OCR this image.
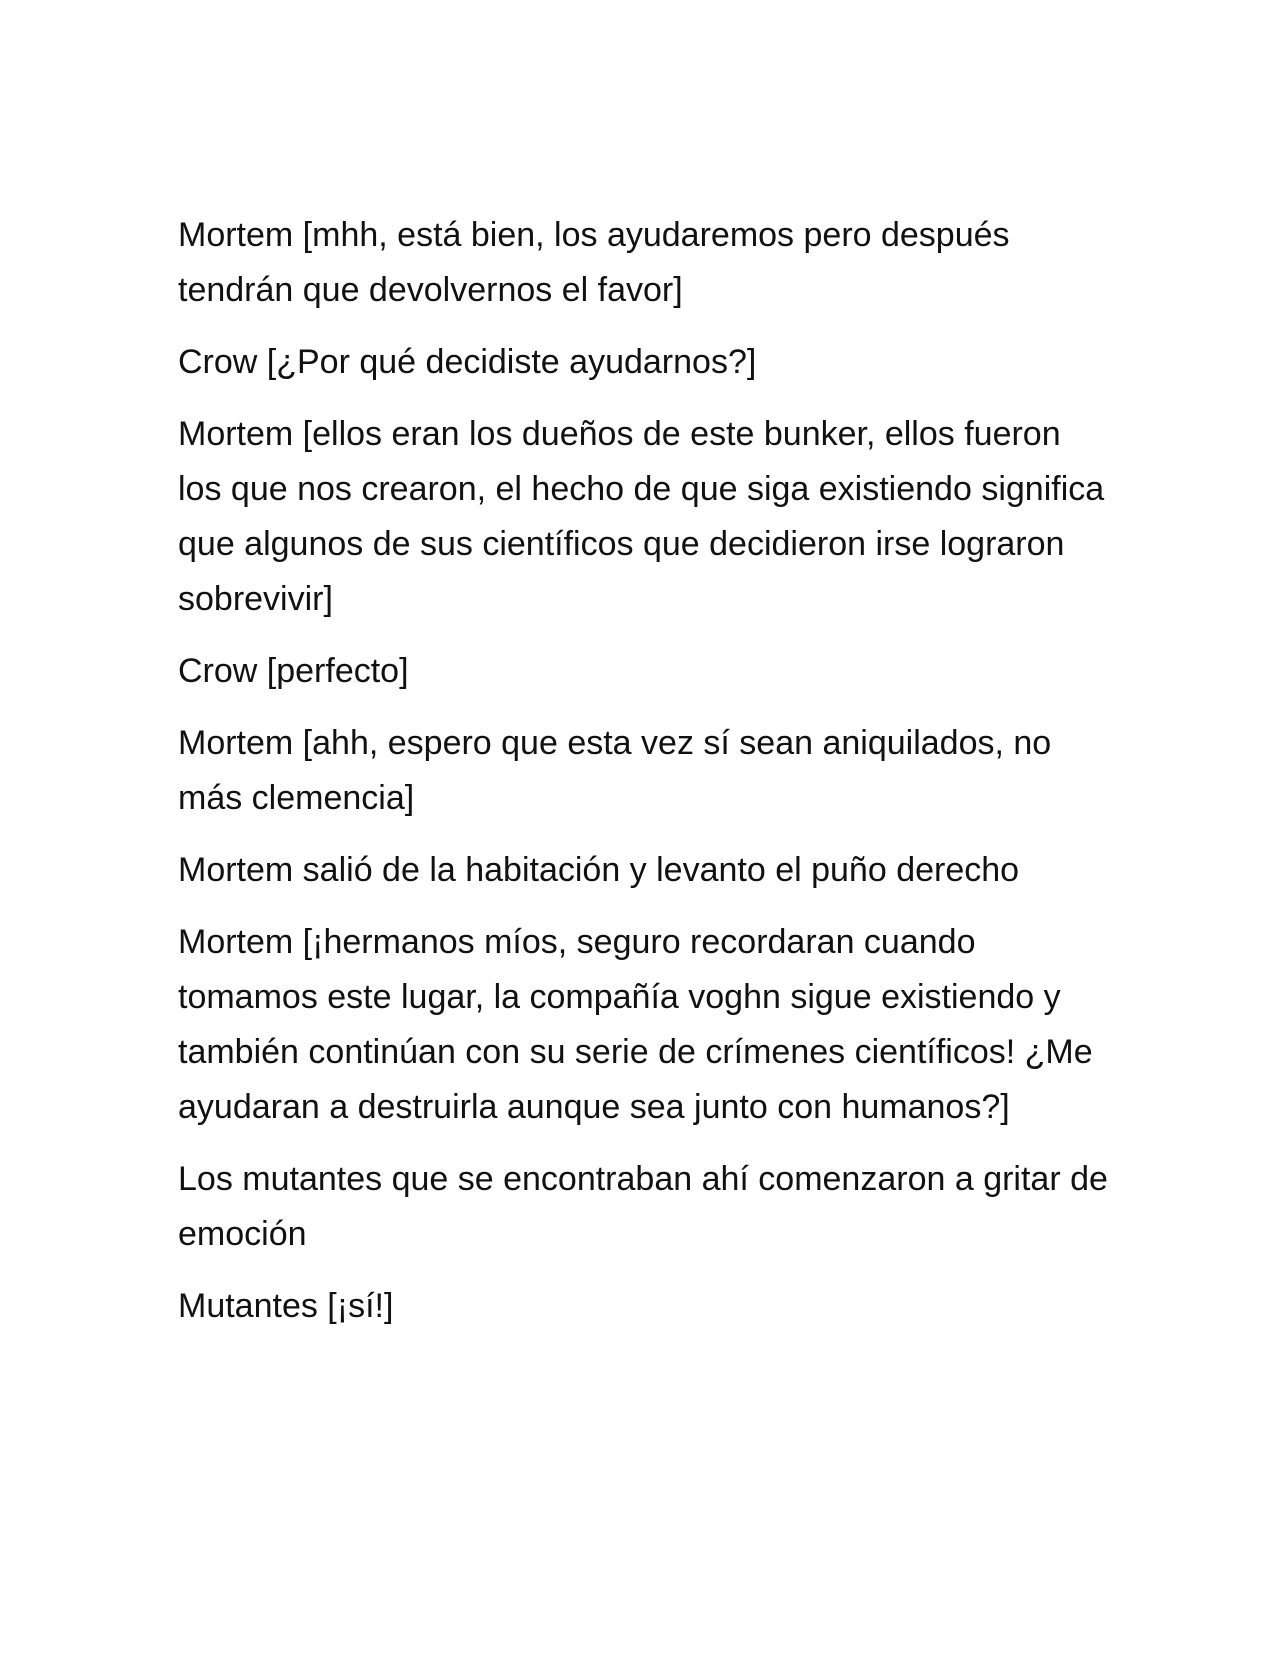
Mortem [mhh, está bien, los ayudaremos pero después tendrán que devolvernos el favor]

Crow [¿Por qué decidiste ayudarnos?]

Mortem [ellos eran los dueños de este bunker, ellos fueron los que nos crearon, el hecho de que siga existiendo significa que algunos de sus científicos que decidieron irse lograron sobrevivir]

Crow [perfecto]

Mortem [ahh, espero que esta vez sí sean aniquilados, no más clemencia]

Mortem salió de la habitación y levanto el puño derecho

Mortem [¡hermanos míos, seguro recordaran cuando tomamos este lugar, la compañía voghn sigue existiendo y también continúan con su serie de crímenes científicos! ¿Me ayudaran a destruirla aunque sea junto con humanos?]

Los mutantes que se encontraban ahí comenzaron a gritar de emoción

Mutantes [¡sí!]
